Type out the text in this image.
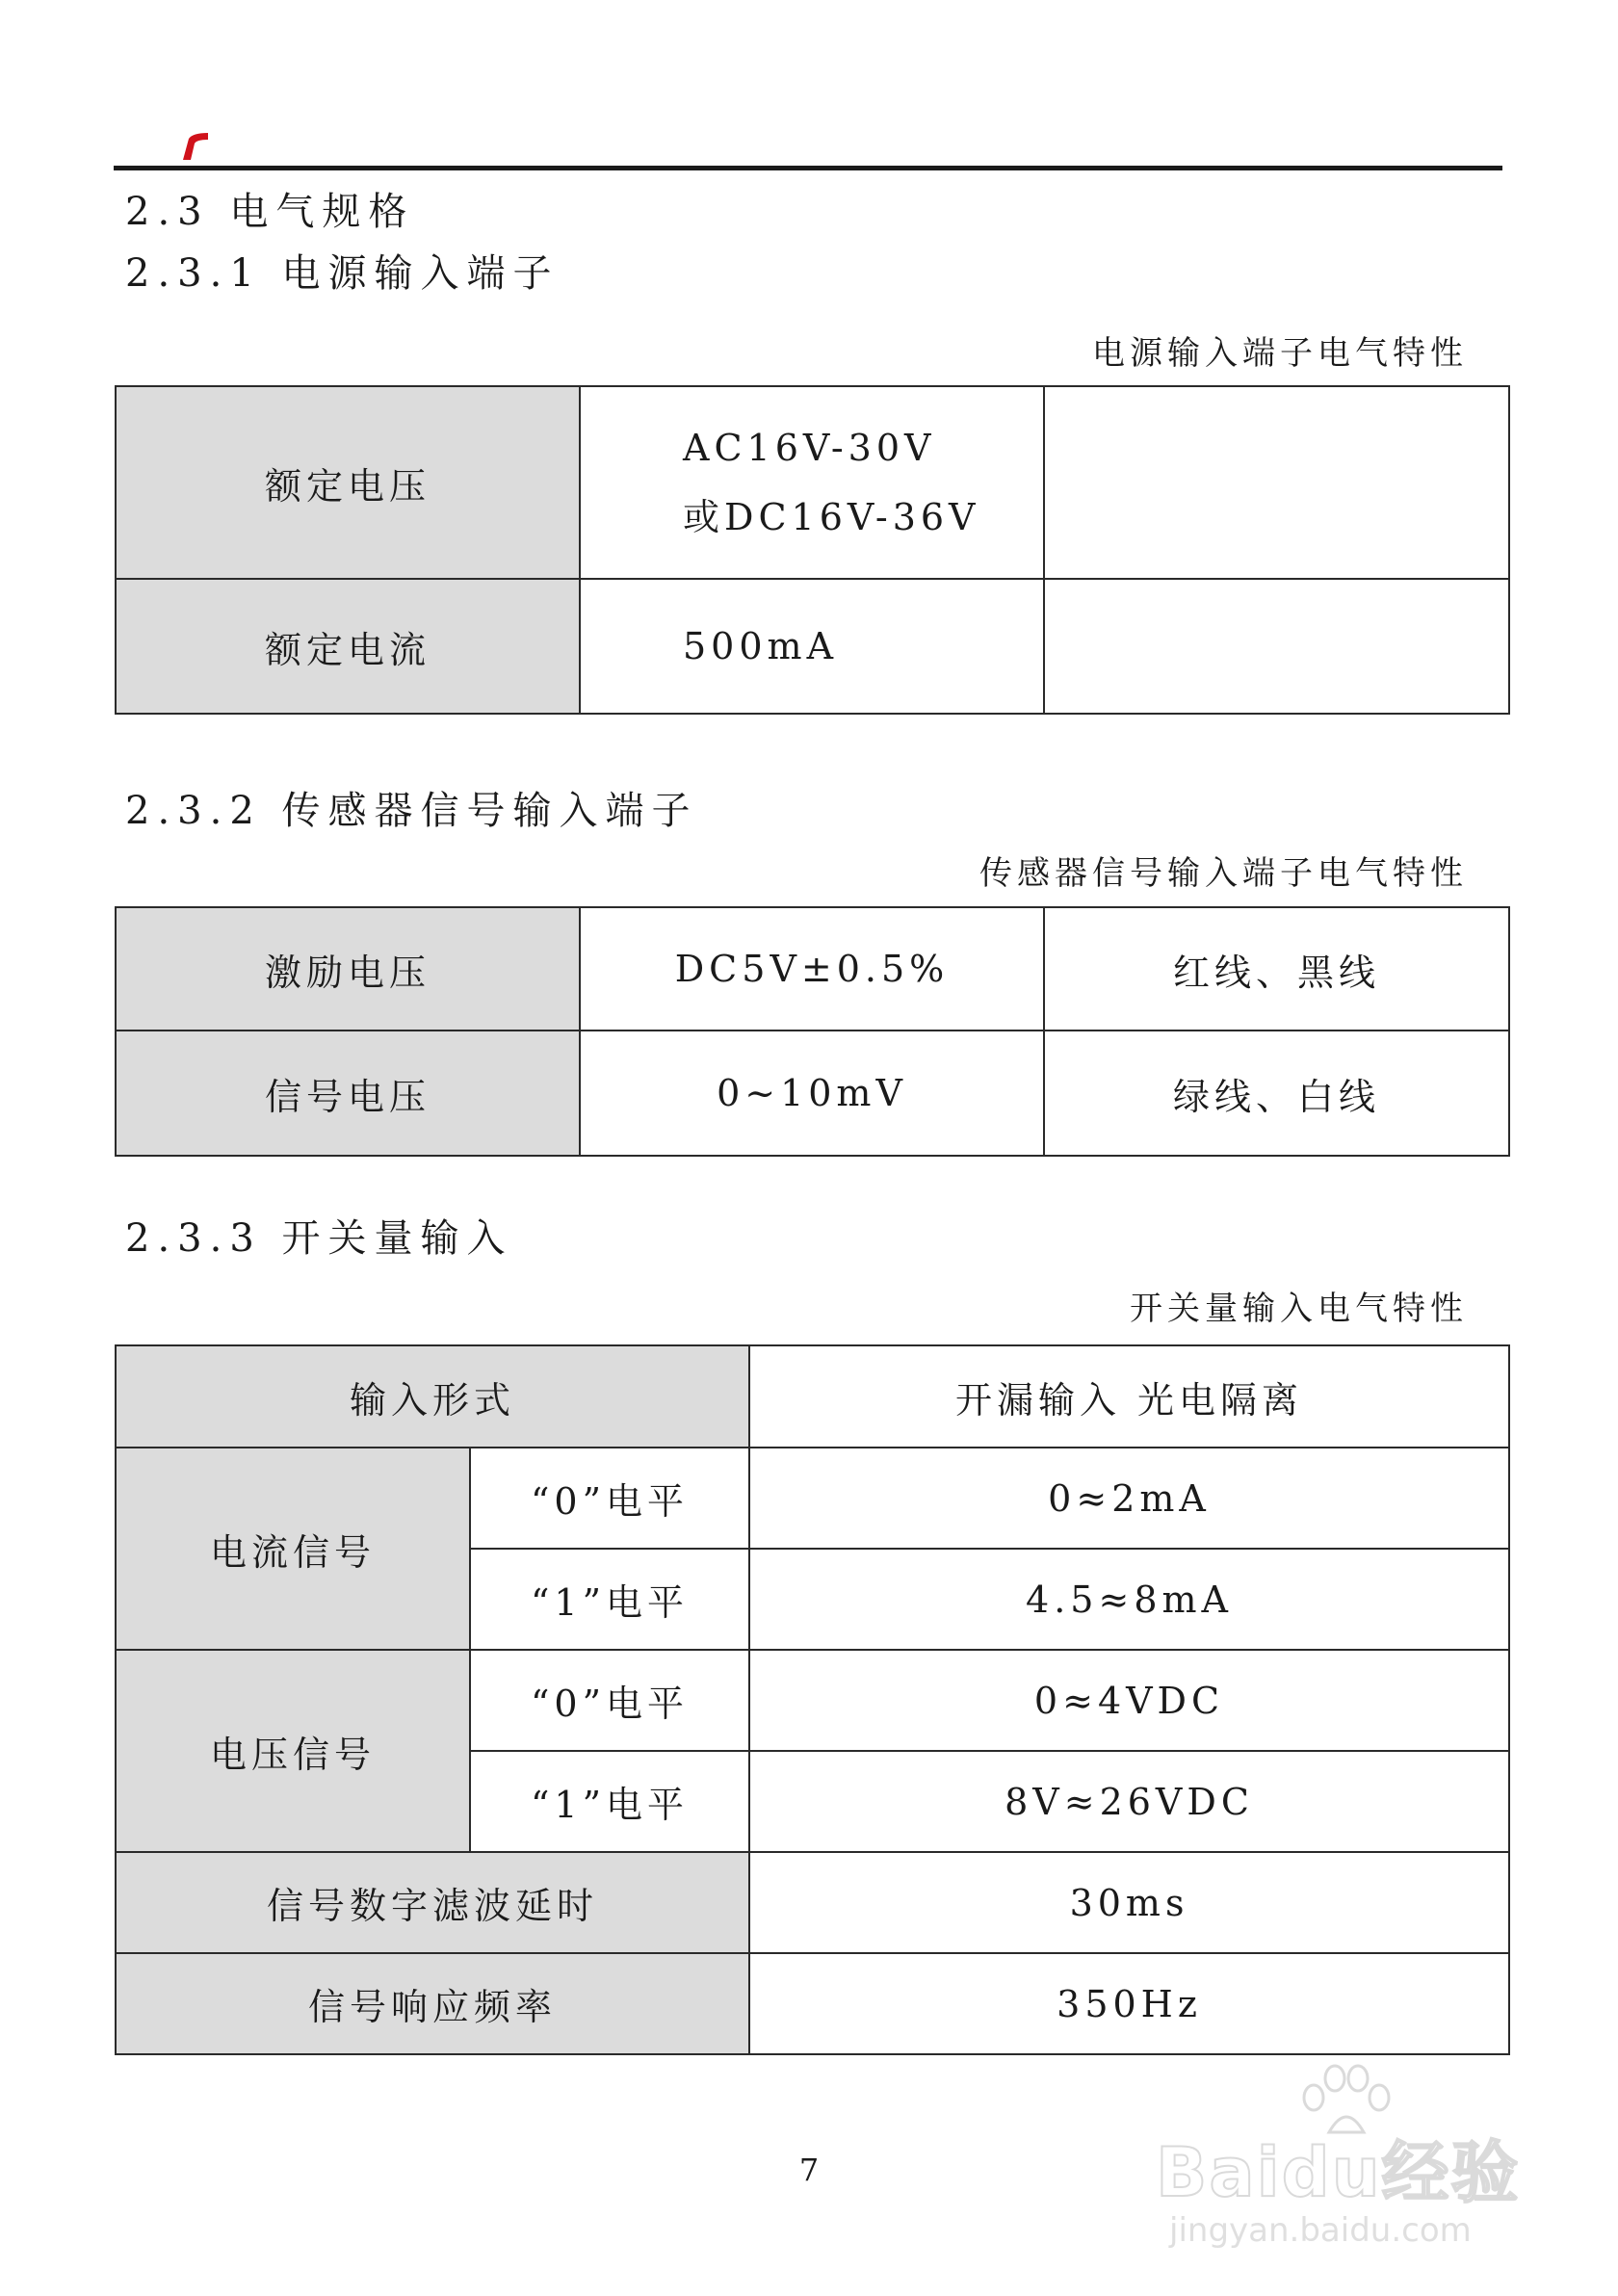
2.3 电气规格
2.3.1 电源输入端子
电源输入端子电气特性
额定电压	AC16V-30V
或DC16V-36V	

额定电流	500mA	
2.3.2 传感器信号输入端子
传感器信号输入端子电气特性
激励电压	DC5V±0.5%	红线、黑线
信号电压	0~10mV	绿线、白线
2.3.3 开关量输入
开关量输入电气特性
输入形式		开漏输入 光电隔离
电流信号	“0”电平	0≈2mA
	“1”电平	4.5≈8mA
电压信号	“0”电平	0≈4VDC
	“1”电平	8V≈26VDC
信号数字滤波延时		30ms
信号响应频率		350Hz
7	Baidu经验
jingyan.baidu.com
